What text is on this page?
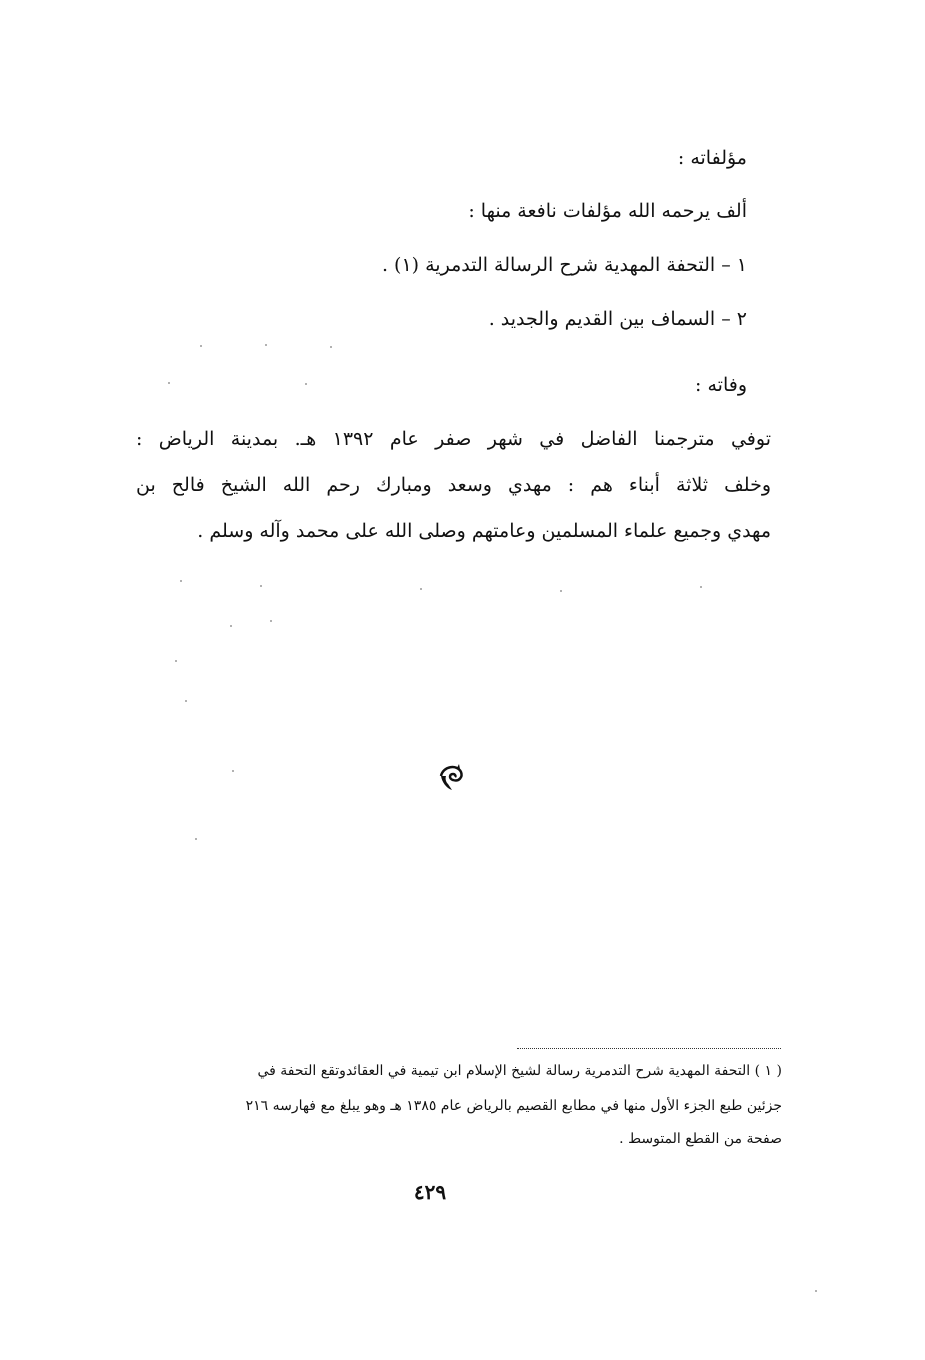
مؤلفاته :
ألف يرحمه الله مؤلفات نافعة منها :
١ – التحفة المهدية شرح الرسالة التدمرية (١) .
٢ – السماف بين القديم والجديد .
وفاته :
توفي مترجمنا الفاضل في شهر صفر عام ١٣٩٢ هـ. بمدينة الرياض :
وخلف ثلاثة أبناء هم : مهدي وسعد ومبارك رحم الله الشيخ فالح بن
مهدي وجميع علماء المسلمين وعامتهم وصلى الله على محمد وآله وسلم .
( ١ ) التحفة المهدية شرح التدمرية رسالة لشيخ الإسلام ابن تيمية في العقائدوتقع التحفة في
جزئين طبع الجزء الأول منها في مطابع القصيم بالرياض عام ١٣٨٥ هـ وهو يبلغ مع فهارسه ٢١٦
صفحة من القطع المتوسط .
٤٢٩
